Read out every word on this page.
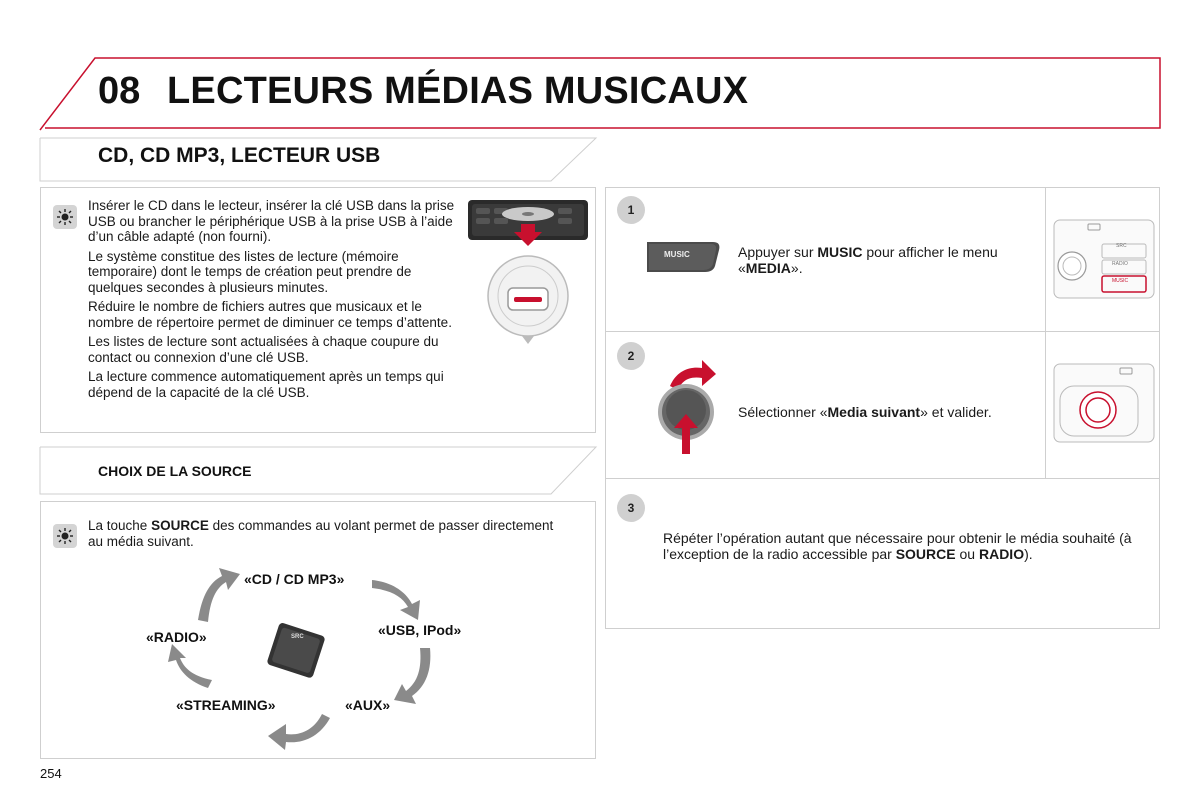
08 LECTEURS MÉDIAS MUSICAUX
CD, CD MP3, LECTEUR USB

Insérer le CD dans le lecteur, insérer la clé USB dans la prise USB ou brancher le périphérique USB à la prise USB à l’aide d’un câble adapté (non fourni).

Le système constitue des listes de lecture (mémoire temporaire) dont le temps de création peut prendre de quelques secondes à plusieurs minutes.

Réduire le nombre de fichiers autres que musicaux et le nombre de répertoire permet de diminuer ce temps d’attente.

Les listes de lecture sont actualisées à chaque coupure du contact ou connexion d’une clé USB.

La lecture commence automatiquement après un temps qui dépend de la capacité de la clé USB.

CHOIX DE LA SOURCE
La touche SOURCE des commandes au volant permet de passer directement au média suivant.
SRC
«CD / CD MP3»
«USB, IPod»
«AUX»
«STREAMING»
«RADIO»
1
MUSIC	Appuyer sur MUSIC pour afficher le menu «MEDIA».
SRC
RADIO
MUSIC
2
Sélectionner «Media suivant» et valider.
3
Répéter l’opération autant que nécessaire pour obtenir le média souhaité (à l’exception de la radio accessible par SOURCE ou RADIO).
254
